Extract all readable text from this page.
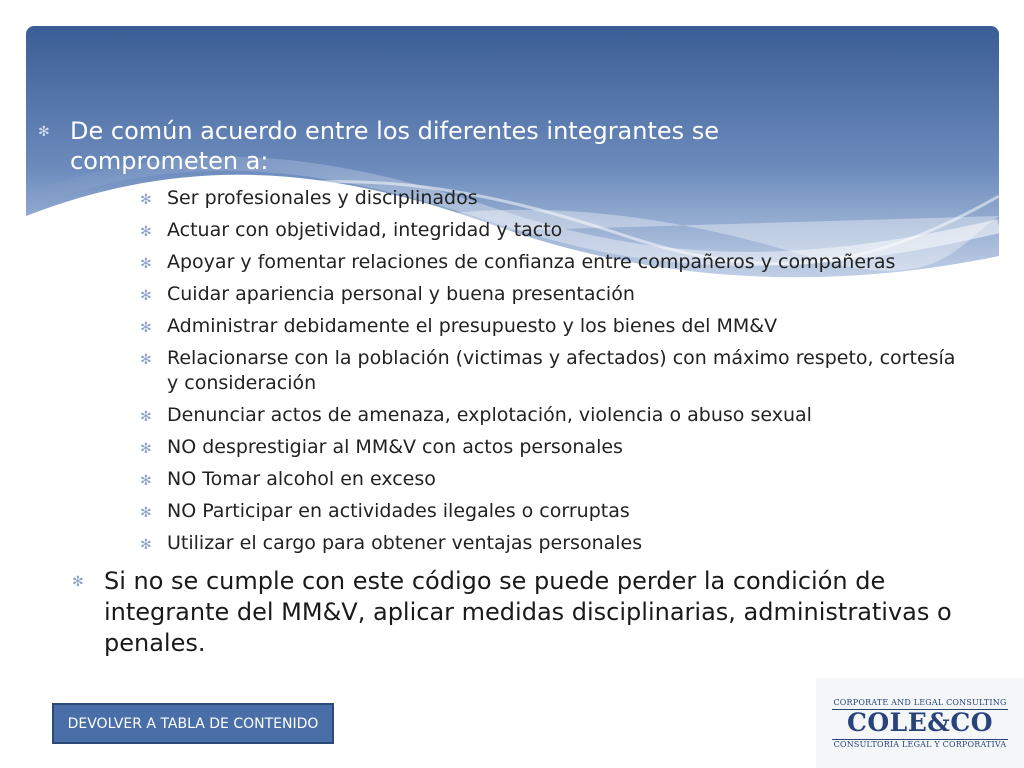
✻ De común acuerdo entre los diferentes integrantes se comprometen a:
✻ Ser profesionales y disciplinados
✻ Actuar con objetividad, integridad y tacto
✻ Apoyar y fomentar relaciones de confianza entre compañeros y compañeras
✻ Cuidar apariencia personal y buena presentación
✻ Administrar debidamente el presupuesto y los bienes del MM&V
✻ Relacionarse con la población (victimas y afectados) con máximo respeto, cortesía y consideración
✻ Denunciar actos de amenaza, explotación, violencia o abuso sexual
✻ NO desprestigiar al MM&V con actos personales
✻ NO Tomar alcohol en exceso
✻ NO Participar en actividades ilegales o corruptas
✻ Utilizar el cargo para obtener ventajas personales
✻ Si no se cumple con este código se puede perder la condición de integrante del MM&V, aplicar medidas disciplinarias, administrativas o penales.
DEVOLVER A TABLA DE CONTENIDO
CORPORATE AND LEGAL CONSULTING
COLE&CO
CONSULTORÍA LEGAL Y CORPORATIVA
